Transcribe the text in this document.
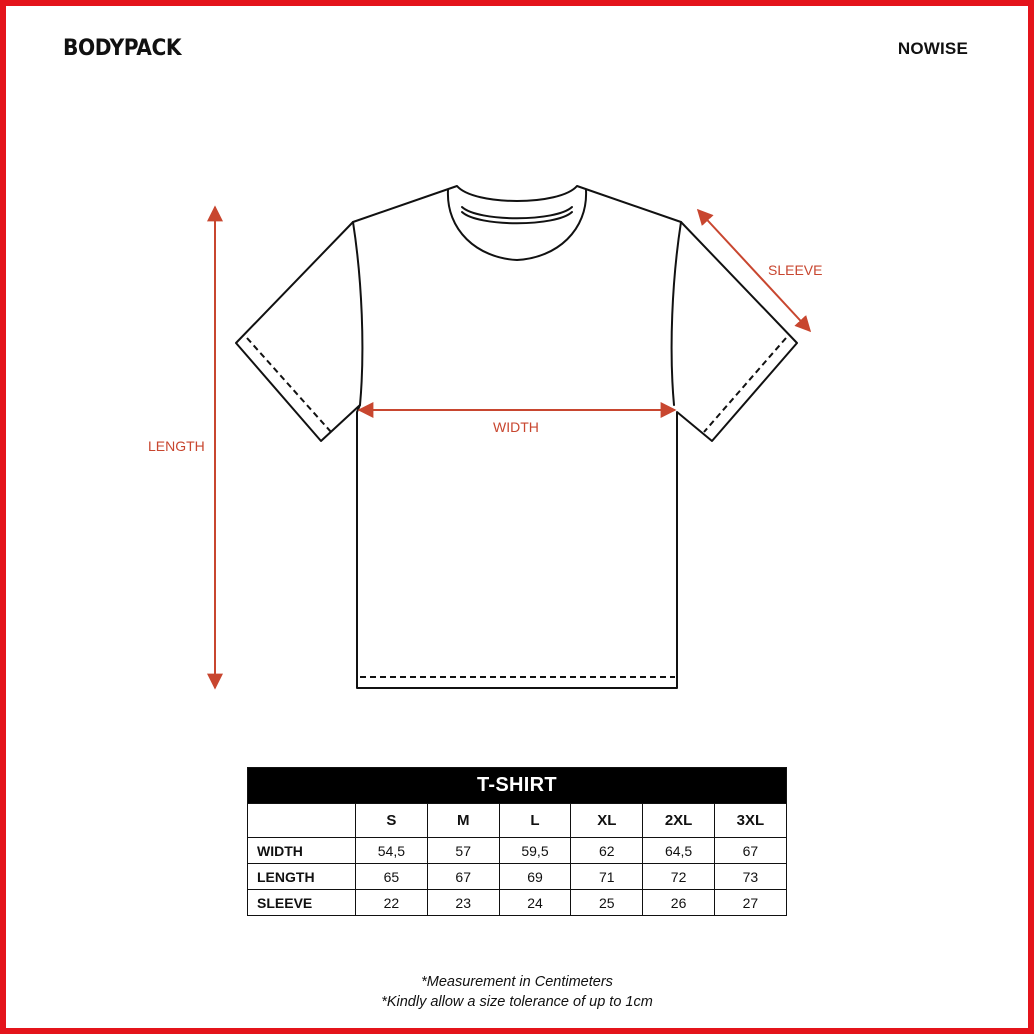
BODYPACK	NOWISE
LENGTH
WIDTH
SLEEVE
T-SHIRT						
	S	M	L	XL	2XL	3XL
WIDTH	54,5	57	59,5	62	64,5	67
LENGTH	65	67	69	71	72	73
SLEEVE	22	23	24	25	26	27
*Measurement in Centimeters
*Kindly allow a size tolerance of up to 1cm
